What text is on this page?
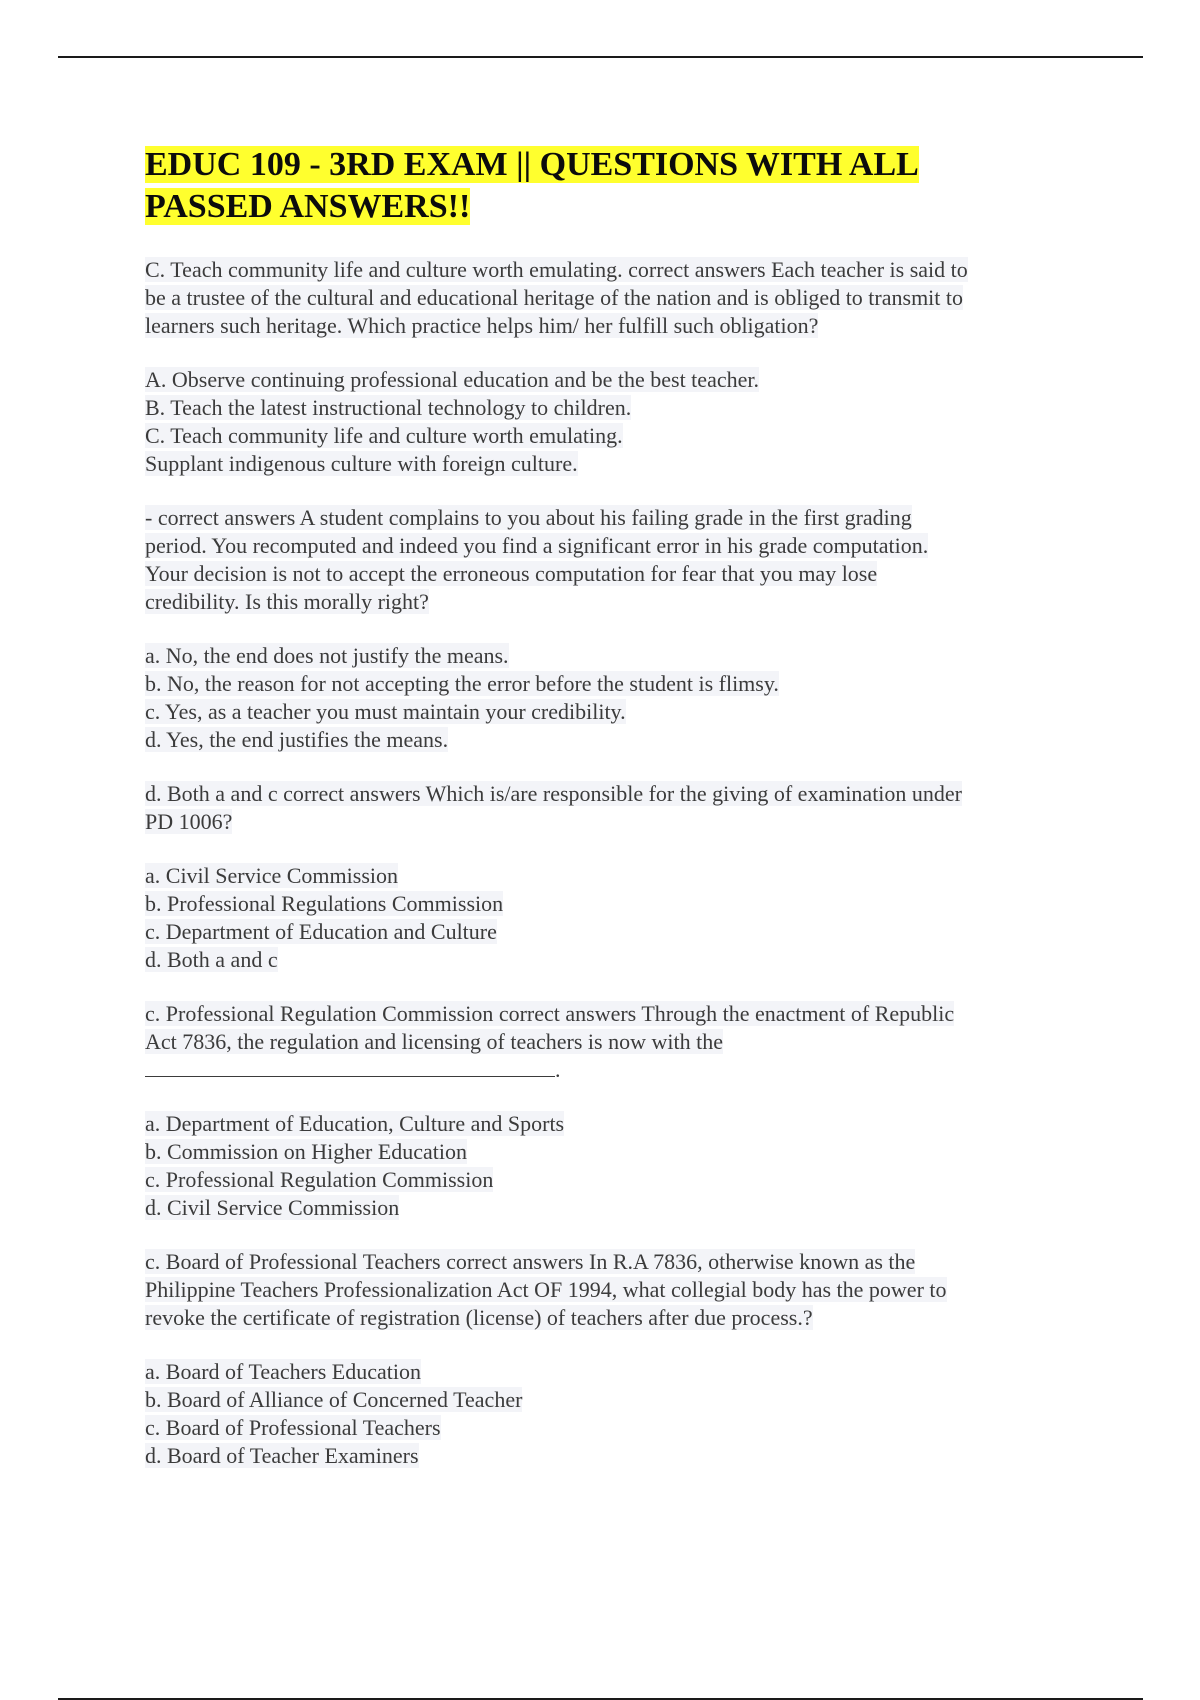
EDUC 109 - 3RD EXAM || QUESTIONS WITH ALL
PASSED ANSWERS!!
C. Teach community life and culture worth emulating. correct answers Each teacher is said to
be a trustee of the cultural and educational heritage of the nation and is obliged to transmit to
learners such heritage. Which practice helps him/ her fulfill such obligation?
A. Observe continuing professional education and be the best teacher.
B. Teach the latest instructional technology to children.
C. Teach community life and culture worth emulating.
Supplant indigenous culture with foreign culture.
- correct answers A student complains to you about his failing grade in the first grading
period. You recomputed and indeed you find a significant error in his grade computation.
Your decision is not to accept the erroneous computation for fear that you may lose
credibility. Is this morally right?
a. No, the end does not justify the means.
b. No, the reason for not accepting the error before the student is flimsy.
c. Yes, as a teacher you must maintain your credibility.
d. Yes, the end justifies the means.
d. Both a and c correct answers Which is/are responsible for the giving of examination under
PD 1006?
a. Civil Service Commission
b. Professional Regulations Commission
c. Department of Education and Culture
d. Both a and c
c. Professional Regulation Commission correct answers Through the enactment of Republic
Act 7836, the regulation and licensing of teachers is now with the
.
a. Department of Education, Culture and Sports
b. Commission on Higher Education
c. Professional Regulation Commission
d. Civil Service Commission
c. Board of Professional Teachers correct answers In R.A 7836, otherwise known as the
Philippine Teachers Professionalization Act OF 1994, what collegial body has the power to
revoke the certificate of registration (license) of teachers after due process.?
a. Board of Teachers Education
b. Board of Alliance of Concerned Teacher
c. Board of Professional Teachers
d. Board of Teacher Examiners
